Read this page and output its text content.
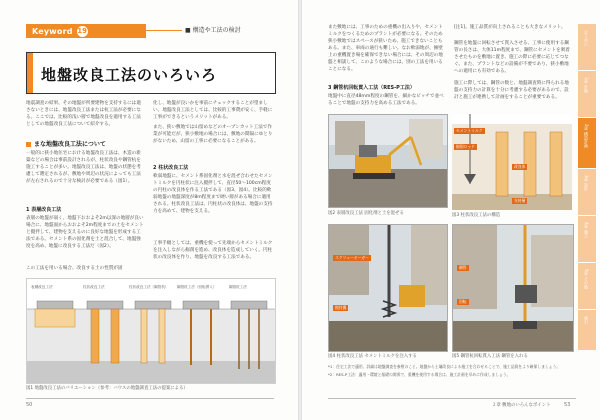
Keyword 19	■ 構造や工法の検討
地盤改良工法のいろいろ
地震調査の結果、その地盤が所要建物を支持するには適さないときには、地盤改良工法または杭工法が必要になる。ここでは、比較的浅い層で地盤改良を適用する工法としての地盤改良工法について紹介する。
まな地盤改良工法について
一般的に狭小地住宅における地盤改良工法は、木造の新築などの場合は事前設計されるが、柱状改良や鋼管杭を施工することが多い。地盤改良工法は、地盤の状態を考慮して選定されるが、敷地や周辺の状況によっても工法が左右されるので十分な検討が必要である（図1）。
1 表層改良工法
表層の地盤が弱く、地盤下おおよそ2m以深の地層が良い場合に、地盤面からおおよそ2m程度までの土をセメントと攪拌して、建物を支えるのに良好な地盤を形成する工法である。セメント系の固化剤を土と混合して、地盤強度を高め、地盤に改良する工法だ（図2）。
この工法を用いる場合、改良する土の性質が固
化し、地盤が良いかを事前にチェックすることが望ましい。地盤改良工法としては、比較的工事費が安く、手軽に工事ができるというメリットがある。
また、狭い敷地では山留めなどのオープンカット工法で作業が可能だが、狭小敷地の場合には、敷地の間隔にゆとりがないため、山留の工事に必要になることがある。
2 柱状改良工法
軟弱地盤に、セメント系固化剤と水を混ぜ合わせたセメントミルクを円柱状に注入攪拌して、直径50〜100cm程度の円柱の改良体を作る工法である（図3、図4）。比較的軟弱地盤の地盤深度が8m程度まで硬い層がある場合に適用される。柱状改良工法は、円柱状の改良体は、地盤の支持力を高めて、建物を支える。
工事手順としては、重機を使って先端からセメントミルクを注入しながら掘削を進め、改良体を造成していく。円柱状の改良体を作り、地盤を改良する工法である。
表層改良工法	柱状改良工法	柱状改良工法（鋼管杭） 鋼管杭工法（回転貫入）	鋼管杭工法
図1 地盤改良工法のバリエーション（参考：ハウスの地盤調査工法の提案による）
50
また敷地には、工事のための重機の出入りや、セメントミルクをつくるためのプラントが必要になる。そのため狭小敷地ではスペースが狭いため、施工できないこともある。また、車両の通行も難しい。なお軟弱地が、擁壁上の重機置き場を確保できない場合には、その周辺の地盤と相談して、このような場合には、別の工法を用いることになる。
[注1]。施工品質が向上されることも大きなメリット。
鋼管を地盤に回転させて貫入させる、工事に使用する鋼管の長さは、大体11m程度まで、鋼管にセメントを吸着させたものを敷地に置き、施工の際に必要に応じてつなぐ。また、プラントなどの設備が不要であり、狭小敷地への適用にも有効である。
施工に際しては、鋼管の数と、地盤調査時に得られる地盤の支持力の計算を十分に考慮する必要があるので、設計と施工が連携して計画をすることが重要である。
3 鋼管杭回転貫入工法（RES-P工法）
地盤中に直径48mm程度の鋼管を、細かなピッチで並べることで地盤の支持力を高める工法である。
図2 表層改良工法 固化剤と土を混ぜる
セメントミルク
掘削ロッド
改良体
支持層
図3 柱状改良工法の構造
スクリューオーガー
撹拌翼
図4 柱状改良工法 セメントミルクを注入する
鋼管
回転
図5 鋼管杭回転貫入工法 鋼管を入れる
*1：住宅工法で適用、詳細は地盤調査を参照のこと。地盤から土壌改良による施工を合わせることで、施工品質をより確保しましょう。
*2：RES-P工法：適用・環境と基礎の関係で、重機を使用する場合は、施工計画を早めに作成しましょう。
２章 敷地のいろんなポイント	53
はじめに
1章 計画
2章 構造計画
3章 設計
4章 施工
5章 その他
索引
